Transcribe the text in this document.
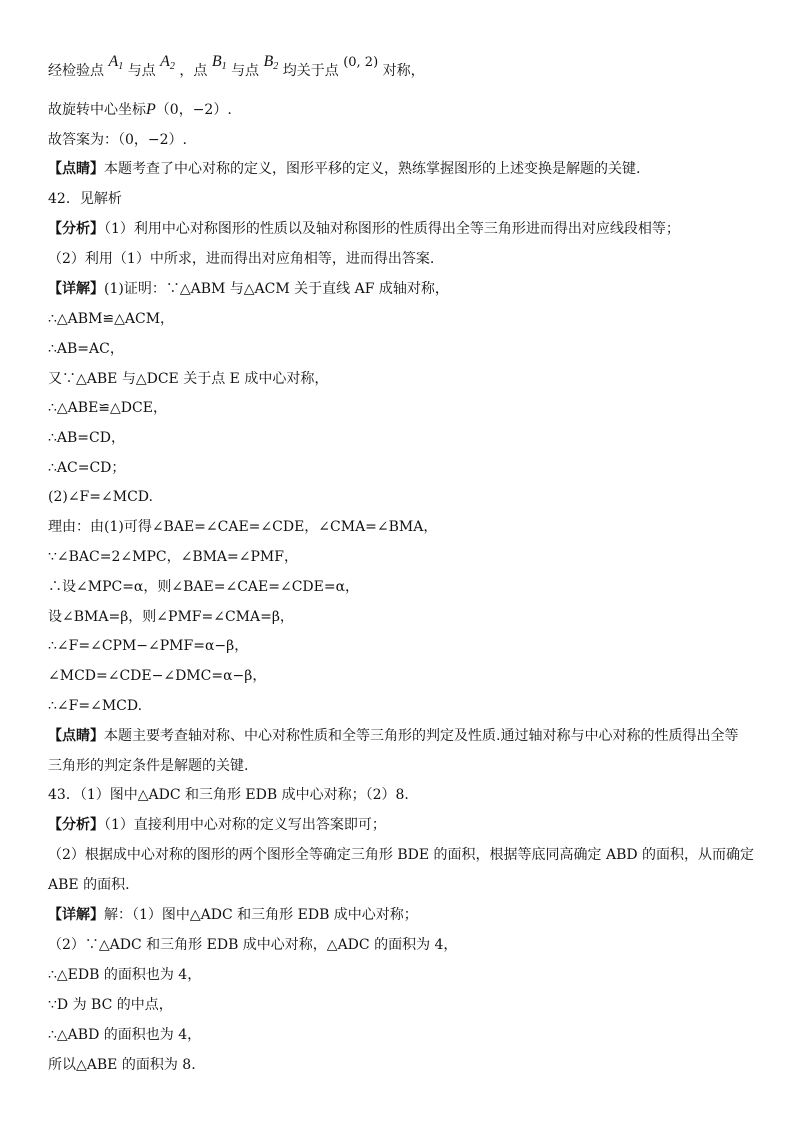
经检验点 $A_1$ 与点 $A_2$ ，点 $B_1$ 与点 $B_2$ 均关于点 (0, 2) 对称，
故旋转中心坐标P（0，−2）.
故答案为：（0，−2）.
【点睛】本题考查了中心对称的定义，图形平移的定义，熟练掌握图形的上述变换是解题的关键.
42．见解析
【分析】（1）利用中心对称图形的性质以及轴对称图形的性质得出全等三角形进而得出对应线段相等；
（2）利用（1）中所求，进而得出对应角相等，进而得出答案.
【详解】(1)证明：∵△ABM 与△ACM 关于直线 AF 成轴对称，
∴△ABM≌△ACM，
∴AB=AC，
又∵△ABE 与△DCE 关于点 E 成中心对称，
∴△ABE≌△DCE，
∴AB=CD，
∴AC=CD；
(2)∠F=∠MCD.
理由：由(1)可得∠BAE=∠CAE=∠CDE，∠CMA=∠BMA，
∵∠BAC=2∠MPC，∠BMA=∠PMF，
∴设∠MPC=α，则∠BAE=∠CAE=∠CDE=α，
设∠BMA=β，则∠PMF=∠CMA=β，
∴∠F=∠CPM−∠PMF=α−β，
∠MCD=∠CDE−∠DMC=α−β，
∴∠F=∠MCD.
【点睛】本题主要考查轴对称、中心对称性质和全等三角形的判定及性质.通过轴对称与中心对称的性质得出全等
三角形的判定条件是解题的关键.
43．（1）图中△ADC 和三角形 EDB 成中心对称；（2）8.
【分析】（1）直接利用中心对称的定义写出答案即可；
（2）根据成中心对称的图形的两个图形全等确定三角形 BDE 的面积，根据等底同高确定 ABD 的面积，从而确定
ABE 的面积.
【详解】解：（1）图中△ADC 和三角形 EDB 成中心对称；
（2）∵△ADC 和三角形 EDB 成中心对称，△ADC 的面积为 4，
∴△EDB 的面积也为 4，
∵D 为 BC 的中点，
∴△ABD 的面积也为 4，
所以△ABE 的面积为 8.
